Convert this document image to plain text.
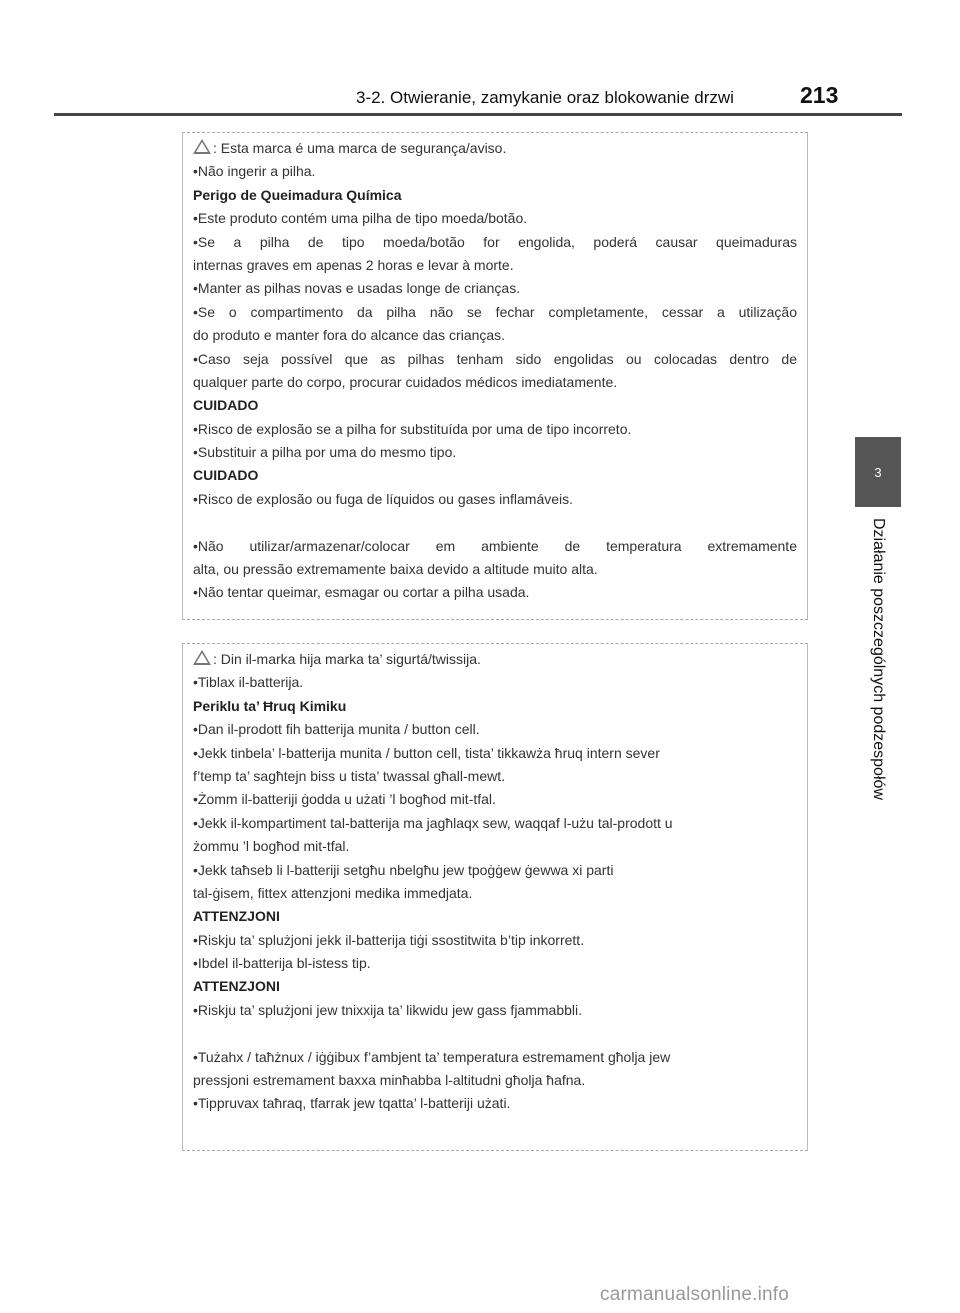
3-2. Otwieranie, zamykanie oraz blokowanie drzwi	213
3
Działanie poszczególnych podzespołów
: Esta marca é uma marca de segurança/aviso.
•Não ingerir a pilha.
Perigo de Queimadura Química
•Este produto contém uma pilha de tipo moeda/botão.
•Se a pilha de tipo moeda/botão for engolida, poderá causar queimaduras
internas graves em apenas 2 horas e levar à morte.
•Manter as pilhas novas e usadas longe de crianças.
•Se o compartimento da pilha não se fechar completamente, cessar a utilização
do produto e manter fora do alcance das crianças.
•Caso seja possível que as pilhas tenham sido engolidas ou colocadas dentro de
qualquer parte do corpo, procurar cuidados médicos imediatamente.
CUIDADO
•Risco de explosão se a pilha for substituída por uma de tipo incorreto.
•Substituir a pilha por uma do mesmo tipo.
CUIDADO
•Risco de explosão ou fuga de líquidos ou gases inflamáveis.
•Não utilizar/armazenar/colocar em ambiente de temperatura extremamente
alta, ou pressão extremamente baixa devido a altitude muito alta.
•Não tentar queimar, esmagar ou cortar a pilha usada.
: Din il-marka hija marka ta’ sigurtá/twissija.
•Tiblax il-batterija.
Periklu ta’ Ħruq Kimiku
•Dan il-prodott fih batterija munita / button cell.
•Jekk tinbela’ l-batterija munita / button cell, tista’ tikkawża ħruq intern sever
f’temp ta’ sagħtejn biss u tista’ twassal għall-mewt.
•Żomm il-batteriji ġodda u użati ’l bogħod mit-tfal.
•Jekk il-kompartiment tal-batterija ma jagħlaqx sew, waqqaf l-użu tal-prodott u
żommu ’l bogħod mit-tfal.
•Jekk taħseb li l-batteriji setgħu nbelgħu jew tpoġġew ġewwa xi parti
tal-ġisem, fittex attenzjoni medika immedjata.
ATTENZJONI
•Riskju ta’ splużjoni jekk il-batterija tiġi ssostitwita b’tip inkorrett.
•Ibdel il-batterija bl-istess tip.
ATTENZJONI
•Riskju ta’ splużjoni jew tnixxija ta’ likwidu jew gass fjammabbli.
•Tużahx / taħżnux / iġġibux f’ambjent ta’ temperatura estremament għolja jew
pressjoni estremament baxxa minħabba l-altitudni għolja ħafna.
•Tippruvax taħraq, tfarrak jew tqatta’ l-batteriji użati.
carmanualsonline.info
